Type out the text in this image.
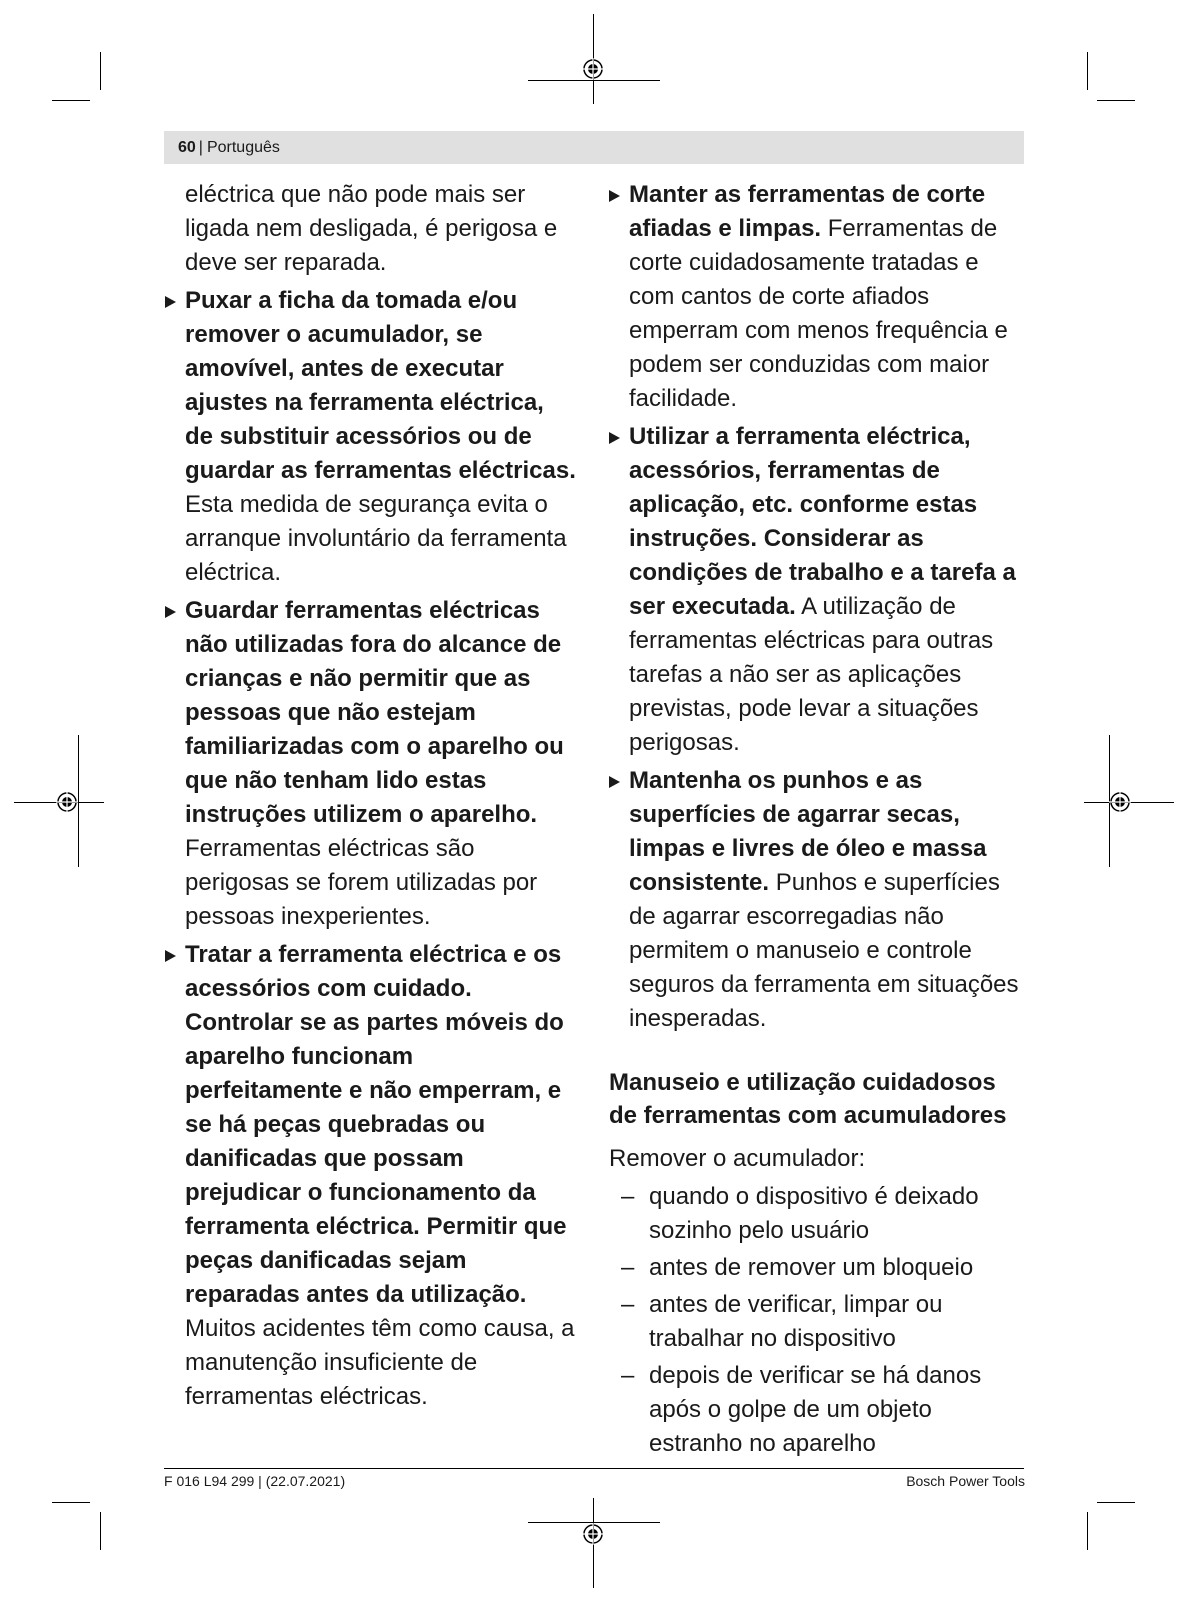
60 | Português
eléctrica que não pode mais ser ligada nem desligada, é perigosa e deve ser reparada.
Puxar a ficha da tomada e/ou remover o acumulador, se amovível, antes de executar ajustes na ferramenta eléctrica, de substituir acessórios ou de guardar as ferramentas eléctricas. Esta medida de segurança evita o arranque involuntário da ferramenta eléctrica.
Guardar ferramentas eléctricas não utilizadas fora do alcance de crianças e não permitir que as pessoas que não estejam familiarizadas com o aparelho ou que não tenham lido estas instruções utilizem o aparelho. Ferramentas eléctricas são perigosas se forem utilizadas por pessoas inexperientes.
Tratar a ferramenta eléctrica e os acessórios com cuidado. Controlar se as partes móveis do aparelho funcionam perfeitamente e não emperram, e se há peças quebradas ou danificadas que possam prejudicar o funcionamento da ferramenta eléctrica. Permitir que peças danificadas sejam reparadas antes da utilização. Muitos acidentes têm como causa, a manutenção insuficiente de ferramentas eléctricas.
Manter as ferramentas de corte afiadas e limpas. Ferramentas de corte cuidadosamente tratadas e com cantos de corte afiados emperram com menos frequência e podem ser conduzidas com maior facilidade.
Utilizar a ferramenta eléctrica, acessórios, ferramentas de aplicação, etc. conforme estas instruções. Considerar as condições de trabalho e a tarefa a ser executada. A utilização de ferramentas eléctricas para outras tarefas a não ser as aplicações previstas, pode levar a situações perigosas.
Mantenha os punhos e as superfícies de agarrar secas, limpas e livres de óleo e massa consistente. Punhos e superfícies de agarrar escorregadias não permitem o manuseio e controle seguros da ferramenta em situações inesperadas.
Manuseio e utilização cuidadosos de ferramentas com acumuladores

Remover o acumulador:

– quando o dispositivo é deixado sozinho pelo usuário
– antes de remover um bloqueio
– antes de verificar, limpar ou trabalhar no dispositivo
– depois de verificar se há danos após o golpe de um objeto estranho no aparelho
F 016 L94 299 | (22.07.2021)	Bosch Power Tools
